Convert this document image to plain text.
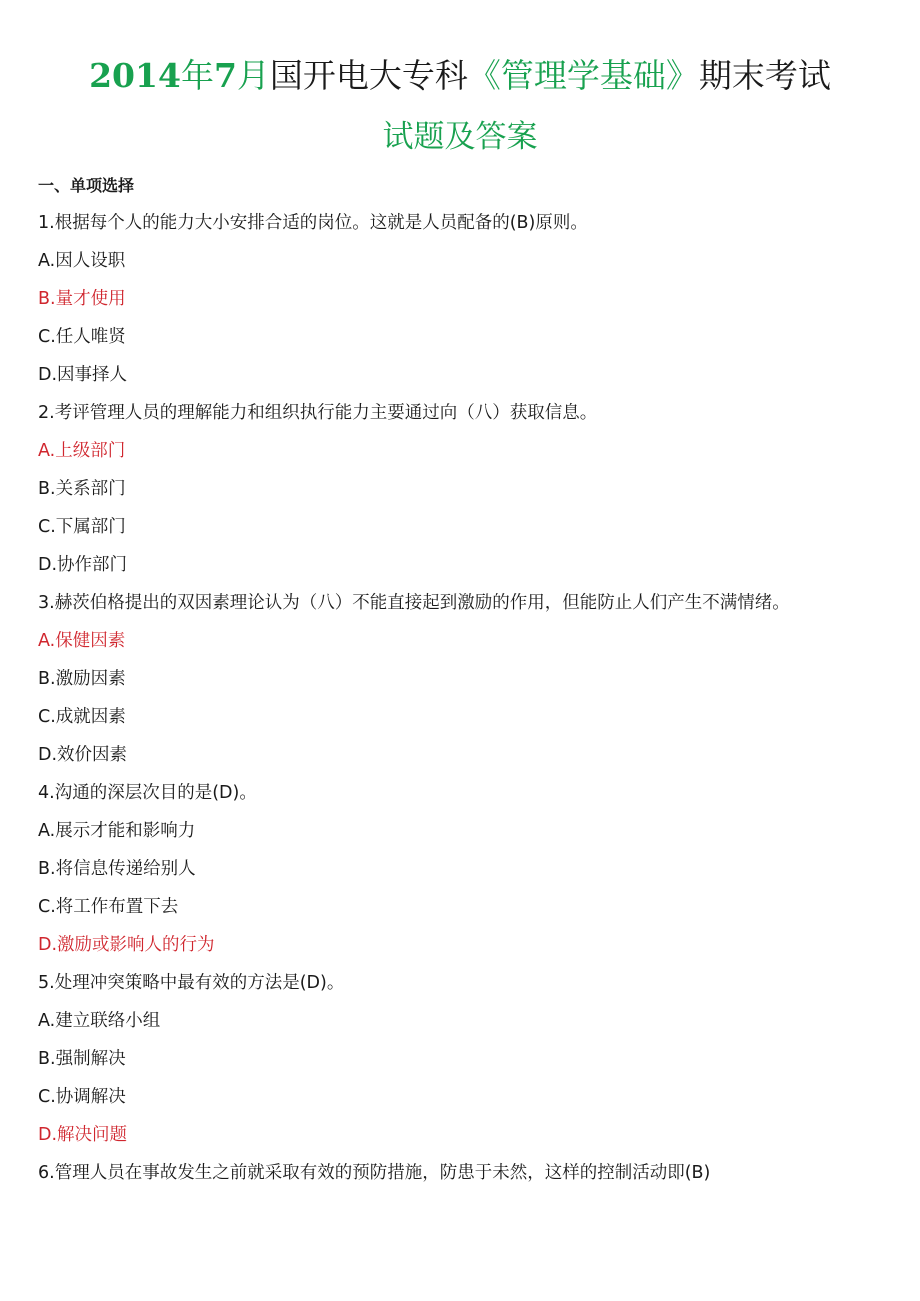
2014年7月国开电大专科《管理学基础》期末考试
试题及答案
一、单项选择
1.根据每个人的能力大小安排合适的岗位。这就是人员配备的(B)原则。
A.因人设职
B.量才使用
C.任人唯贤
D.因事择人
2.考评管理人员的理解能力和组织执行能力主要通过向（八）获取信息。
A.上级部门
B.关系部门
C.下属部门
D.协作部门
3.赫茨伯格提出的双因素理论认为（八）不能直接起到激励的作用，但能防止人们产生不满情绪。
A.保健因素
B.激励因素
C.成就因素
D.效价因素
4.沟通的深层次目的是(D)。
A.展示才能和影响力
B.将信息传递给别人
C.将工作布置下去
D.激励或影响人的行为
5.处理冲突策略中最有效的方法是(D)。
A.建立联络小组
B.强制解决
C.协调解决
D.解决问题
6.管理人员在事故发生之前就采取有效的预防措施，防患于未然，这样的控制活动即(B)
